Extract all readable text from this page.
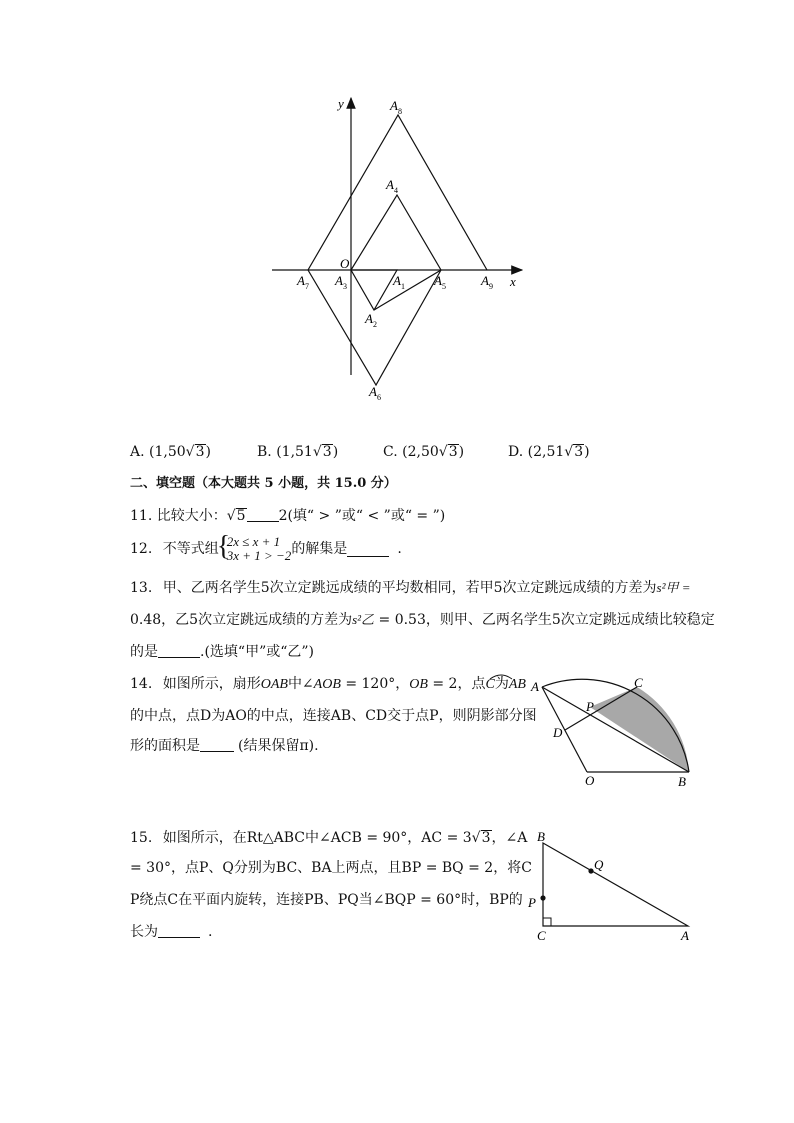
y
x
O
$A_8$
$A_4$
$A_7$ $A_3$	$A_1$ $A_5$	$A_9$
$A_2$
$A_6$
A. (1,50√3)	B. (1,51√3)	C. (2,50√3)	D. (2,51√3)
二、填空题（本大题共 5 小题，共 15.0 分）
11. 比较大小：√5 2(填“ > ”或“ < ”或“ = ”)
12. 不等式组
{ 2x ≤ x + 1
3x + 1 > −2 的解集是	.
13. 甲、乙两名学生5次立定跳远成绩的平均数相同，若甲5次立定跳远成绩的方差为s²甲 =
0.48，乙5次立定跳远成绩的方差为s²乙 = 0.53，则甲、乙两名学生5次立定跳远成绩比较稳定
的是	.(选填“甲”或“乙”)
14. 如图所示，扇形OAB中∠AOB = 120°，OB = 2，点C为AB
的中点，点D为AO的中点，连接AB、CD交于点P，则阴影部分图
形的面积是	(结果保留π).
A	C
P
D
O	B
15. 如图所示，在Rt△ABC中∠ACB = 90°，AC = 3√3，∠A
= 30°，点P、Q分别为BC、BA上两点，且BP = BQ = 2，将C
P绕点C在平面内旋转，连接PB、PQ当∠BQP = 60°时，BP的
长为	.
B
Q
P
C	A
